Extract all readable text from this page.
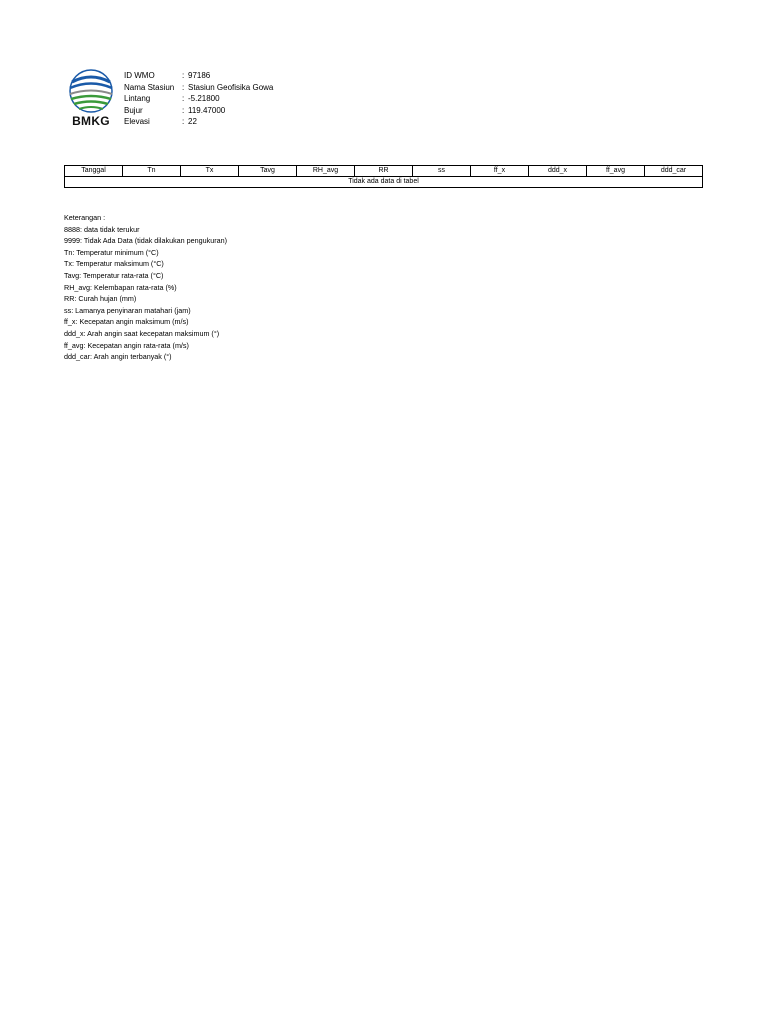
BMKG
ID WMO	: 97186
Nama Stasiun : Stasiun Geofisika Gowa
Lintang	: -5.21800
Bujur	: 119.47000
Elevasi	: 22
Tanggal	Tn	Tx	Tavg	RH_avg	RR	ss	ff_x	ddd_x	ff_avg	ddd_car
Tidak ada data di tabel
Keterangan :
8888: data tidak terukur
9999: Tidak Ada Data (tidak dilakukan pengukuran)
Tn: Temperatur minimum (°C)
Tx: Temperatur maksimum (°C)
Tavg: Temperatur rata-rata (°C)
RH_avg: Kelembapan rata-rata (%)
RR: Curah hujan (mm)
ss: Lamanya penyinaran matahari (jam)
ff_x: Kecepatan angin maksimum (m/s)
ddd_x: Arah angin saat kecepatan maksimum (°)
ff_avg: Kecepatan angin rata-rata (m/s)
ddd_car: Arah angin terbanyak (°)
